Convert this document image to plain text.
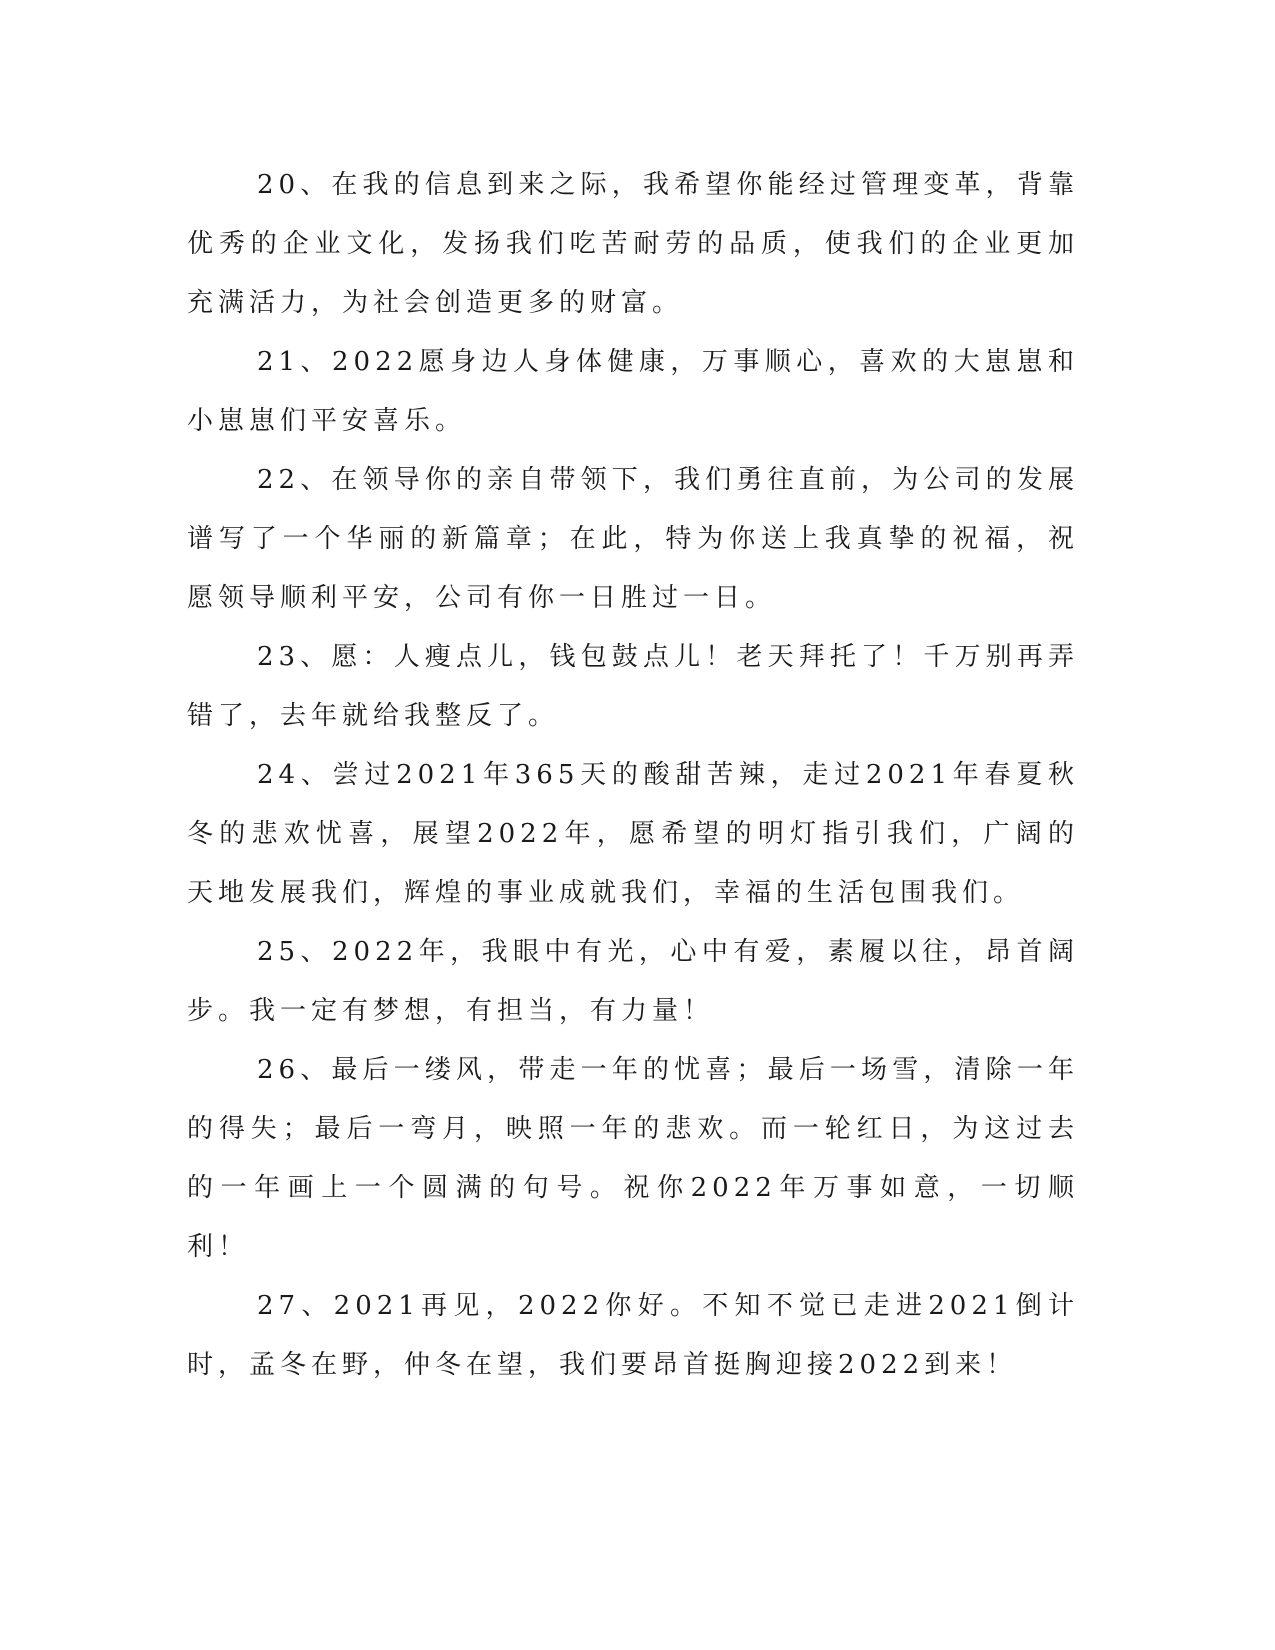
20、在我的信息到来之际，我希望你能经过管理变革，背靠优秀的企业文化，发扬我们吃苦耐劳的品质，使我们的企业更加充满活力，为社会创造更多的财富。

21、2022愿身边人身体健康，万事顺心，喜欢的大崽崽和小崽崽们平安喜乐。

22、在领导你的亲自带领下，我们勇往直前，为公司的发展谱写了一个华丽的新篇章；在此，特为你送上我真挚的祝福，祝愿领导顺利平安，公司有你一日胜过一日。

23、愿：人瘦点儿，钱包鼓点儿！老天拜托了！千万别再弄错了，去年就给我整反了。

24、尝过2021年365天的酸甜苦辣，走过2021年春夏秋冬的悲欢忧喜，展望2022年，愿希望的明灯指引我们，广阔的天地发展我们，辉煌的事业成就我们，幸福的生活包围我们。

25、2022年，我眼中有光，心中有爱，素履以往，昂首阔步。我一定有梦想，有担当，有力量！

26、最后一缕风，带走一年的忧喜；最后一场雪，清除一年的得失；最后一弯月，映照一年的悲欢。而一轮红日，为这过去的一年画上一个圆满的句号。祝你2022年万事如意，一切顺利！

27、2021再见，2022你好。不知不觉已走进2021倒计时，孟冬在野，仲冬在望，我们要昂首挺胸迎接2022到来！
